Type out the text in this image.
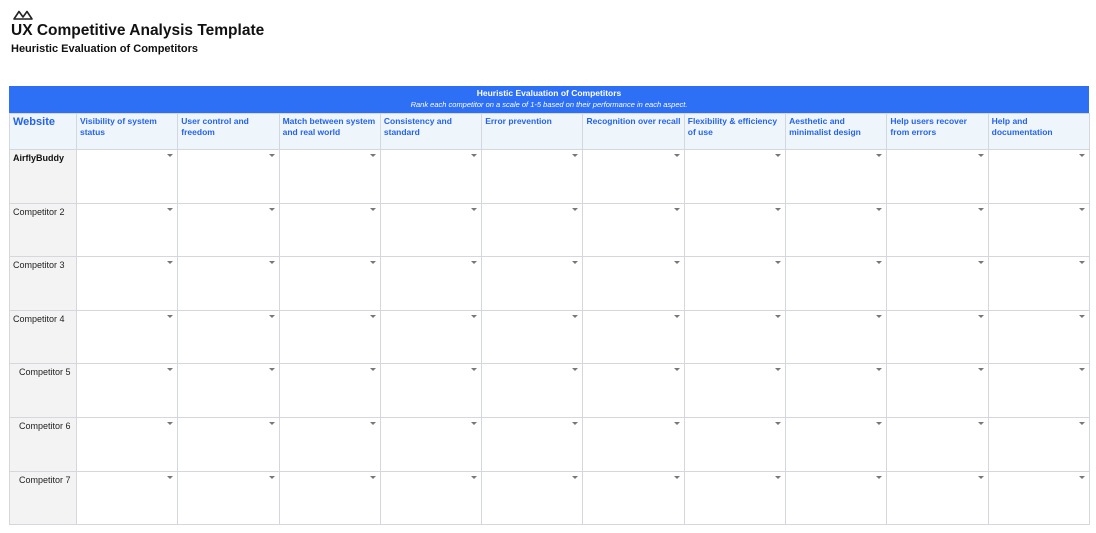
UX Competitive Analysis Template
Heuristic Evaluation of Competitors
Heuristic Evaluation of Competitors
Rank each competitor on a scale of 1-5 based on their performance in each aspect.
Website	Visibility of system status	User control and freedom	Match between system and real world	Consistency and standard	Error prevention	Recognition over recall	Flexibility & efficiency of use	Aesthetic and minimalist design	Help users recover from errors	Help and documentation
AirflyBuddy	

Competitor 2	

Competitor 3	

Competitor 4	

Competitor 5	

Competitor 6	

Competitor 7	
